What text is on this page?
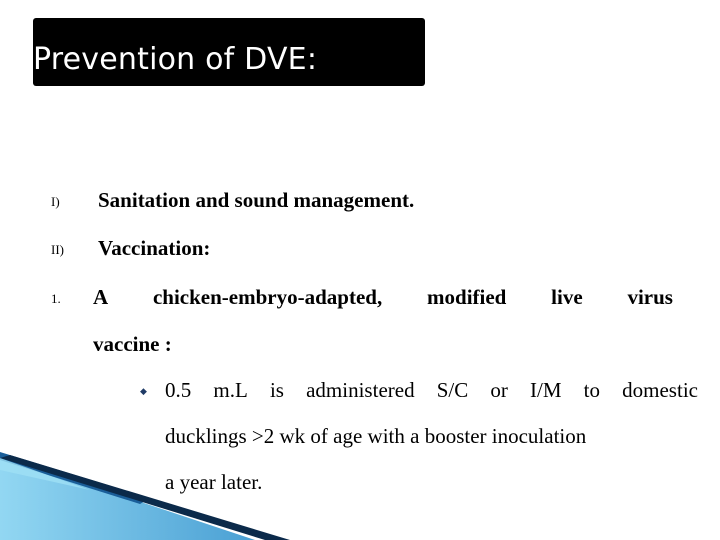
Prevention of DVE:
I) Sanitation and sound management.
II) Vaccination:
1. A chicken-embryo-adapted, modified live virus
vaccine :
◆ 0.5 m.L is administered S/C or I/M to domestic
ducklings >2 wk of age with a booster inoculation
a year later.
